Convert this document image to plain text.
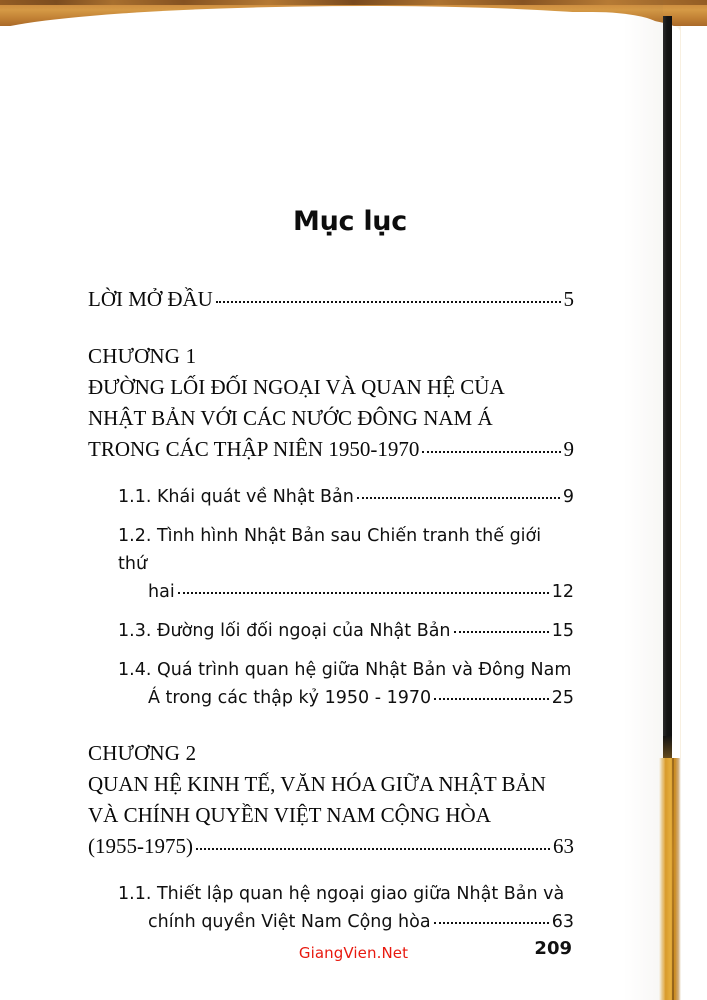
Mục lục
LỜI MỞ ĐẦU	5
CHƯƠNG 1
ĐƯỜNG LỐI ĐỐI NGOẠI VÀ QUAN HỆ CỦA
NHẬT BẢN VỚI CÁC NƯỚC ĐÔNG NAM Á
TRONG CÁC THẬP NIÊN 1950-1970	9
1.1. Khái quát về Nhật Bản	9
1.2. Tình hình Nhật Bản sau Chiến tranh thế giới thứ
hai	12
1.3. Đường lối đối ngoại của Nhật Bản	15
1.4. Quá trình quan hệ giữa Nhật Bản và Đông Nam
Á trong các thập kỷ 1950 - 1970	25
CHƯƠNG 2
QUAN HỆ KINH TẾ, VĂN HÓA GIỮA NHẬT BẢN
VÀ CHÍNH QUYỀN VIỆT NAM CỘNG HÒA
(1955-1975)	63
1.1. Thiết lập quan hệ ngoại giao giữa Nhật Bản và
chính quyền Việt Nam Cộng hòa	63
GiangVien.Net	209
